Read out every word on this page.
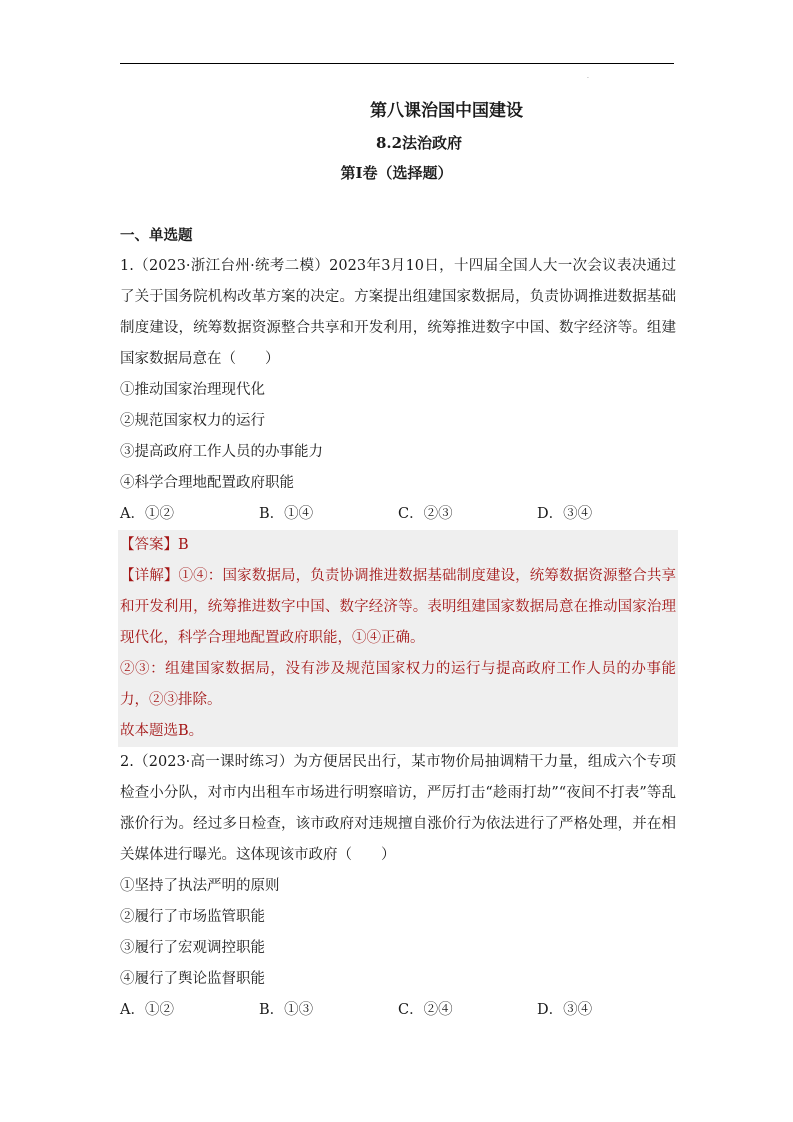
.
第八课治国中国建设
8.2法治政府
第I卷（选择题）
一、单选题
1.（2023·浙江台州·统考二模）2023年3月10日，十四届全国人大一次会议表决通过了关于国务院机构改革方案的决定。方案提出组建国家数据局，负责协调推进数据基础制度建设，统筹数据资源整合共享和开发利用，统筹推进数字中国、数字经济等。组建国家数据局意在（　　）
①推动国家治理现代化
②规范国家权力的运行
③提高政府工作人员的办事能力
④科学合理地配置政府职能
A．①②	B．①④	C．②③	D．③④
【答案】B
【详解】①④：国家数据局，负责协调推进数据基础制度建设，统筹数据资源整合共享和开发利用，统筹推进数字中国、数字经济等。表明组建国家数据局意在推动国家治理现代化，科学合理地配置政府职能，①④正确。
②③：组建国家数据局，没有涉及规范国家权力的运行与提高政府工作人员的办事能力，②③排除。
故本题选B。
2.（2023·高一课时练习）为方便居民出行，某市物价局抽调精干力量，组成六个专项检查小分队，对市内出租车市场进行明察暗访，严厉打击“趁雨打劫”“夜间不打表”等乱涨价行为。经过多日检查，该市政府对违规擅自涨价行为依法进行了严格处理，并在相关媒体进行曝光。这体现该市政府（　　）
①坚持了执法严明的原则
②履行了市场监管职能
③履行了宏观调控职能
④履行了舆论监督职能
A．①②	B．①③	C．②④	D．③④
